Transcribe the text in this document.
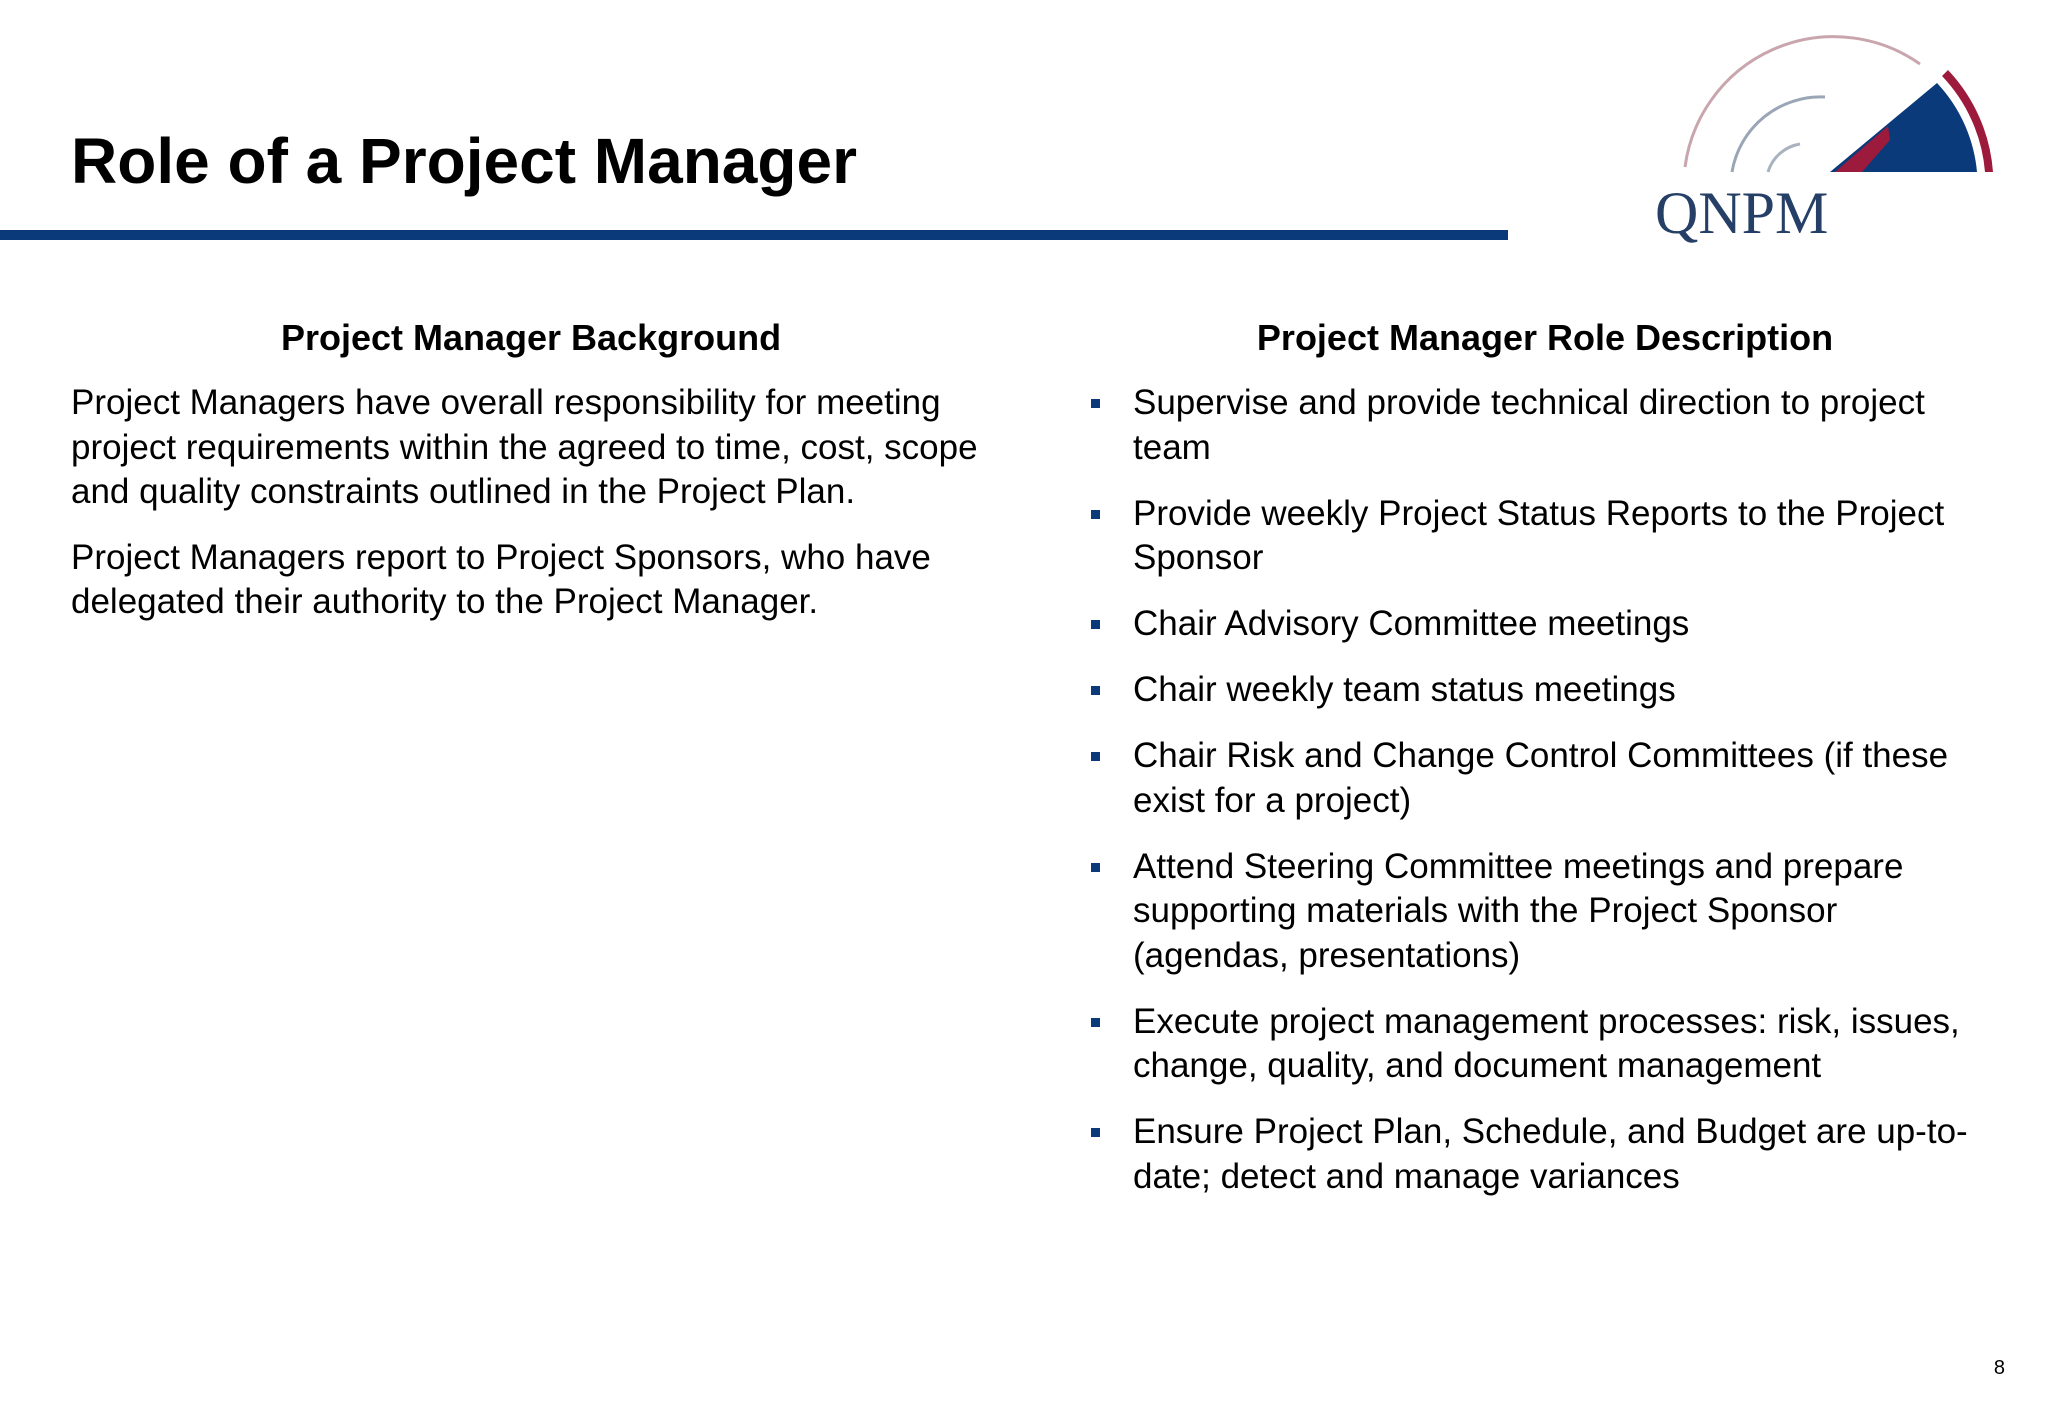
Role of a Project Manager
QNPM
Project Manager Background

Project Managers have overall responsibility for meeting project requirements within the agreed to time, cost, scope and quality constraints outlined in the Project Plan.

Project Managers report to Project Sponsors, who have delegated their authority to the Project Manager.

Project Manager Role Description
Supervise and provide technical direction to project team
Provide weekly Project Status Reports to the Project Sponsor
Chair Advisory Committee meetings
Chair weekly team status meetings
Chair Risk and Change Control Committees (if these exist for a project)
Attend Steering Committee meetings and prepare supporting materials with the Project Sponsor (agendas, presentations)
Execute project management processes: risk, issues, change, quality, and document management
Ensure Project Plan, Schedule, and Budget are up-to-date; detect and manage variances
8
